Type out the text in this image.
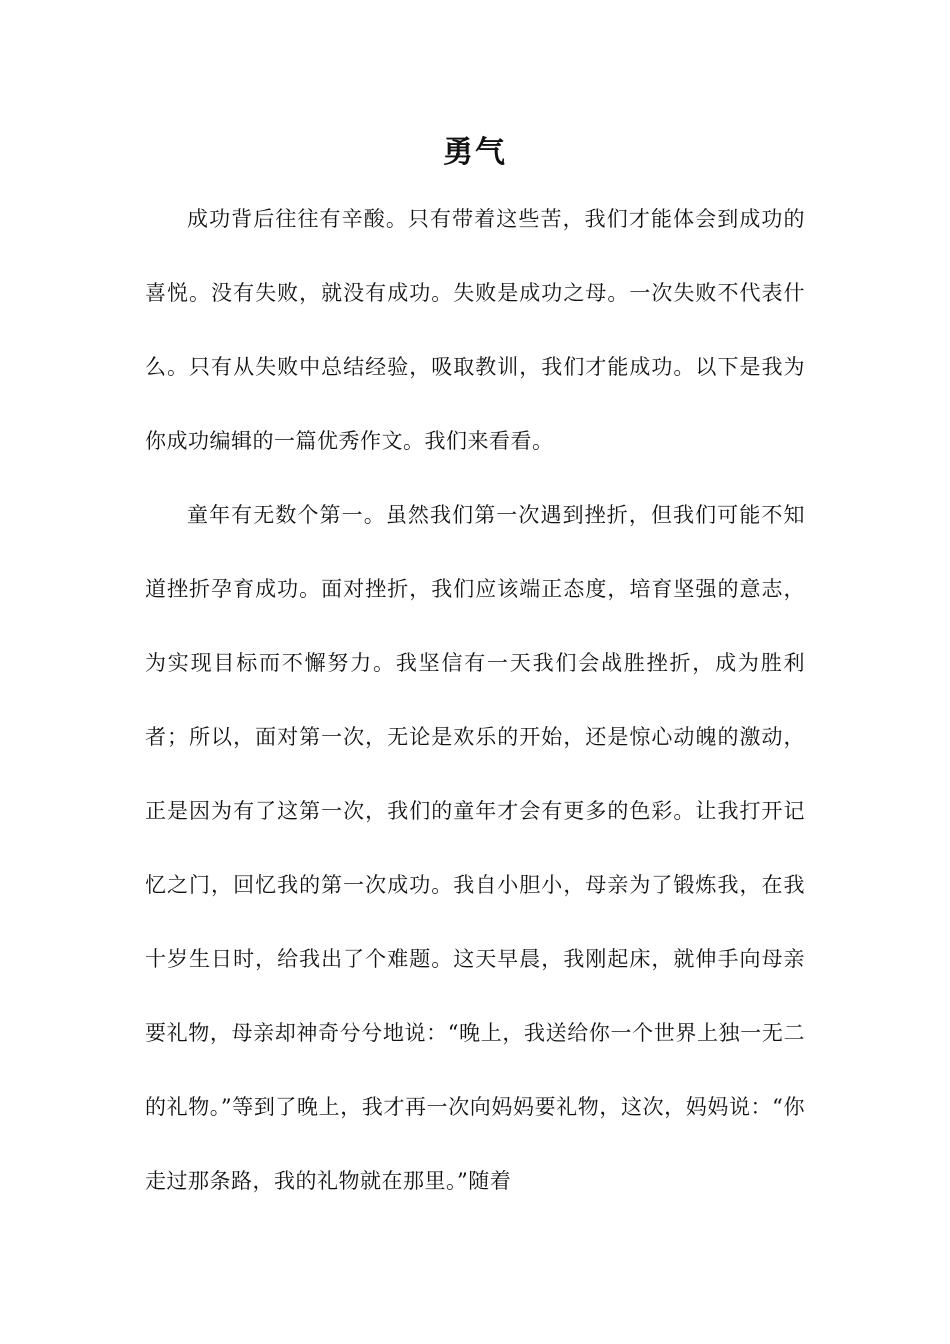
勇气

成功背后往往有辛酸。只有带着这些苦，我们才能体会到成功的喜悦。没有失败，就没有成功。失败是成功之母。一次失败不代表什么。只有从失败中总结经验，吸取教训，我们才能成功。以下是我为你成功编辑的一篇优秀作文。我们来看看。

童年有无数个第一。虽然我们第一次遇到挫折，但我们可能不知道挫折孕育成功。面对挫折，我们应该端正态度，培育坚强的意志，为实现目标而不懈努力。我坚信有一天我们会战胜挫折，成为胜利者；所以，面对第一次，无论是欢乐的开始，还是惊心动魄的激动，正是因为有了这第一次，我们的童年才会有更多的色彩。让我打开记忆之门，回忆我的第一次成功。我自小胆小，母亲为了锻炼我，在我十岁生日时，给我出了个难题。这天早晨，我刚起床，就伸手向母亲要礼物，母亲却神奇兮兮地说：“晚上，我送给你一个世界上独一无二的礼物。”等到了晚上，我才再一次向妈妈要礼物，这次，妈妈说：“你走过那条路，我的礼物就在那里。”随着
